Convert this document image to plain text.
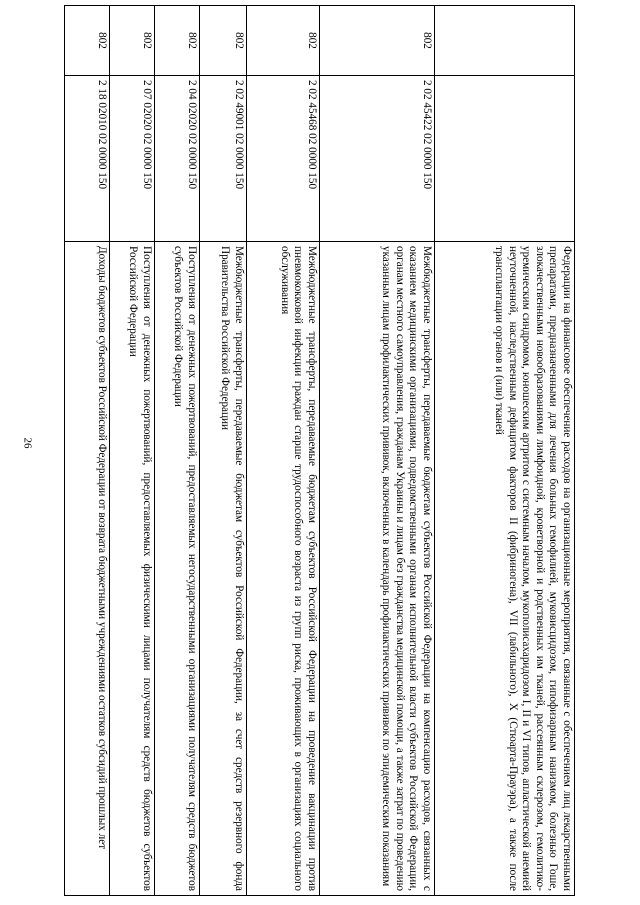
26
			Федерации на финансовое обеспечение расходов на организационные мероприятия, связанные с обеспечением лиц лекарственными препаратами, предназначенными для лечения больных гемофилией, муковисцидозом, гипофизарным нанизмом, болезнью Гоше, злокачественными новообразованиями лимфоидной, кроветворной и родственных им тканей, рассеянным склерозом, гемолитико-уремическим синдромом, юношеским артритом с системным началом, мукополисахаридозом I, II и VI типов, апластической анемией неуточненной, наследственным дефицитом факторов II (фибриногена), VII (лабильного), X (Стюарта-Прауэра), а также после трансплантации органов и (или) тканей
802	2 02 45422 02 0000 150	Межбюджетные трансферты, передаваемые бюджетам субъектов Российской Федерации на компенсацию расходов, связанных с оказанием медицинскими организациями, подведомственными органам исполнительной власти субъектов Российской Федерации, органам местного самоуправления, гражданам Украины и лицам без гражданства медицинской помощи, а также затрат по проведению указанным лицам профилактических прививок, включенных в календарь профилактических прививок по эпидемическим показаниям
802	2 02 45468 02 0000 150	Межбюджетные трансферты, передаваемые бюджетам субъектов Российской Федерации на проведение вакцинации против пневмококковой инфекции граждан старше трудоспособного возраста из групп риска, проживающих в организациях социального обслуживания
802	2 02 49001 02 0000 150	Межбюджетные трансферты, передаваемые бюджетам субъектов Российской Федерации, за счет средств резервного фонда Правительства Российской Федерации
802	2 04 02020 02 0000 150	Поступления от денежных пожертвований, предоставляемых негосударственными организациями получателям средств бюджетов субъектов Российской Федерации
802	2 07 02020 02 0000 150	Поступления от денежных пожертвований, предоставляемых физическими лицами получателям средств бюджетов субъектов Российской Федерации
802	2 18 02010 02 0000 150	Доходы бюджетов субъектов Российской Федерации от возврата бюджетными учреждениями остатков субсидий прошлых лет
